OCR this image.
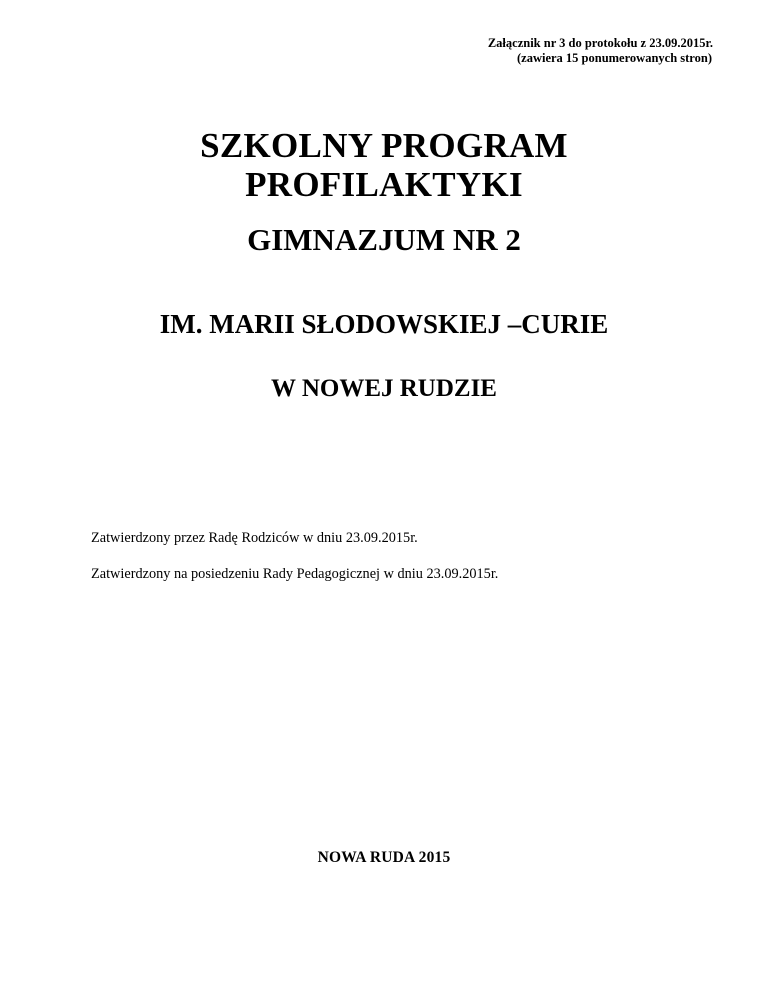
Załącznik nr 3 do protokołu z 23.09.2015r.
(zawiera 15 ponumerowanych stron)
SZKOLNY PROGRAM
PROFILAKTYKI
GIMNAZJUM NR 2
IM. MARII SŁODOWSKIEJ –CURIE
W NOWEJ RUDZIE
Zatwierdzony przez Radę Rodziców w dniu 23.09.2015r.
Zatwierdzony na posiedzeniu Rady Pedagogicznej w dniu 23.09.2015r.
NOWA RUDA 2015
